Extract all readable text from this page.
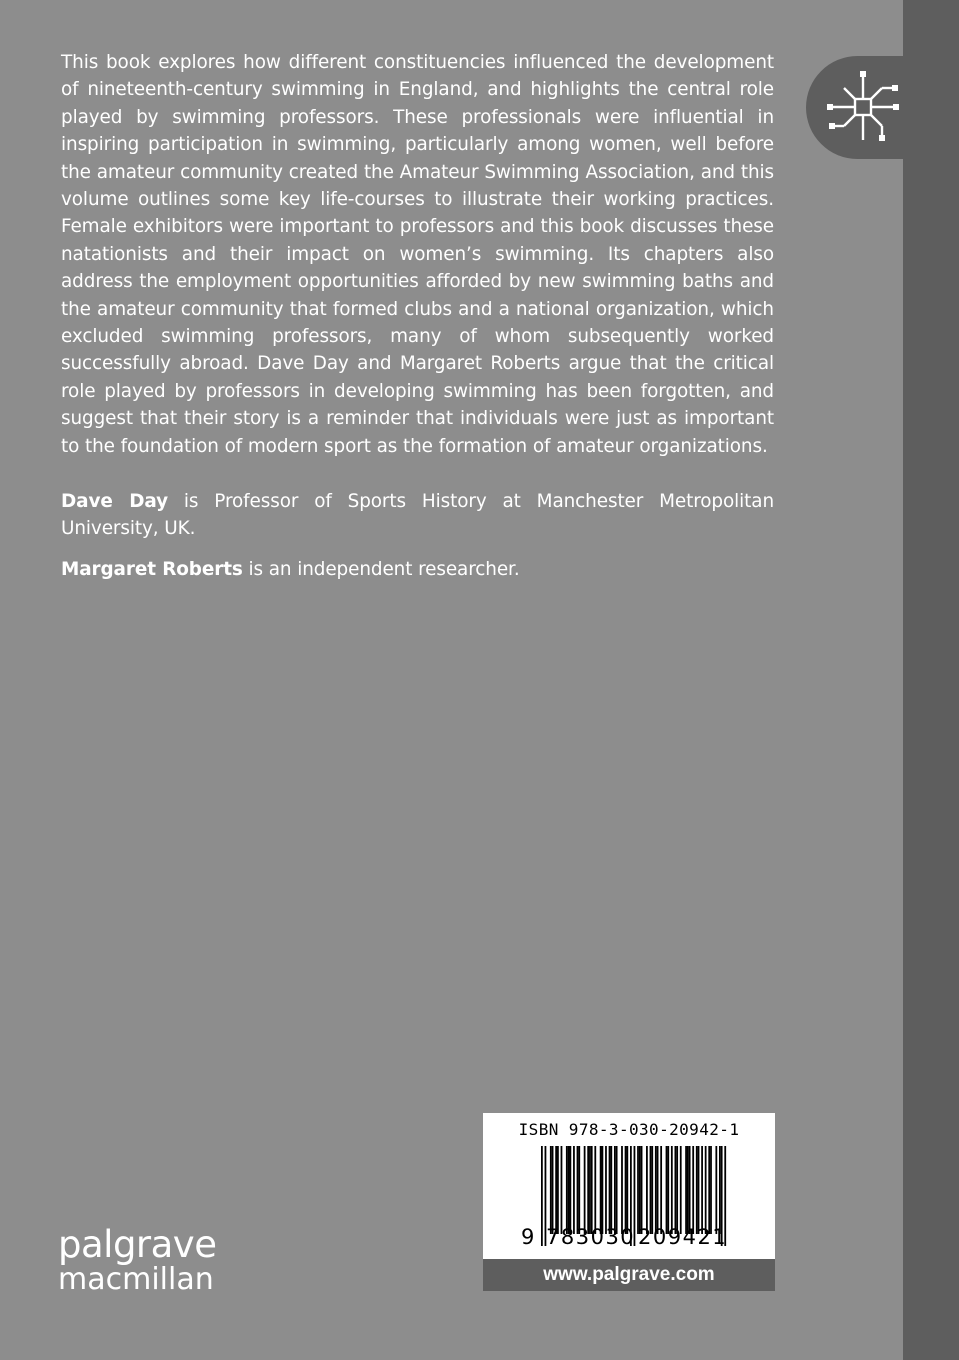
This book explores how different constituencies influenced the development of nineteenth-century swimming in England, and highlights the central role played by swimming professors. These professionals were influential in inspiring participation in swimming, particularly among women, well before the amateur community created the Amateur Swimming Association, and this volume outlines some key life-courses to illustrate their working practices. Female exhibitors were important to professors and this book discusses these natationists and their impact on women’s swimming. Its chapters also address the employment opportunities afforded by new swimming baths and the amateur community that formed clubs and a national organization, which excluded swimming professors, many of whom subsequently worked successfully abroad. Dave Day and Margaret Roberts argue that the critical role played by professors in developing swimming has been forgotten, and suggest that their story is a reminder that individuals were just as important to the foundation of modern sport as the formation of amateur organizations.

Dave Day is Professor of Sports History at Manchester Metropolitan University, UK.
Margaret Roberts is an independent researcher.
palgrave
macmillan
ISBN 978-3-030-20942-1
9 783030 209421
www.palgrave.com
